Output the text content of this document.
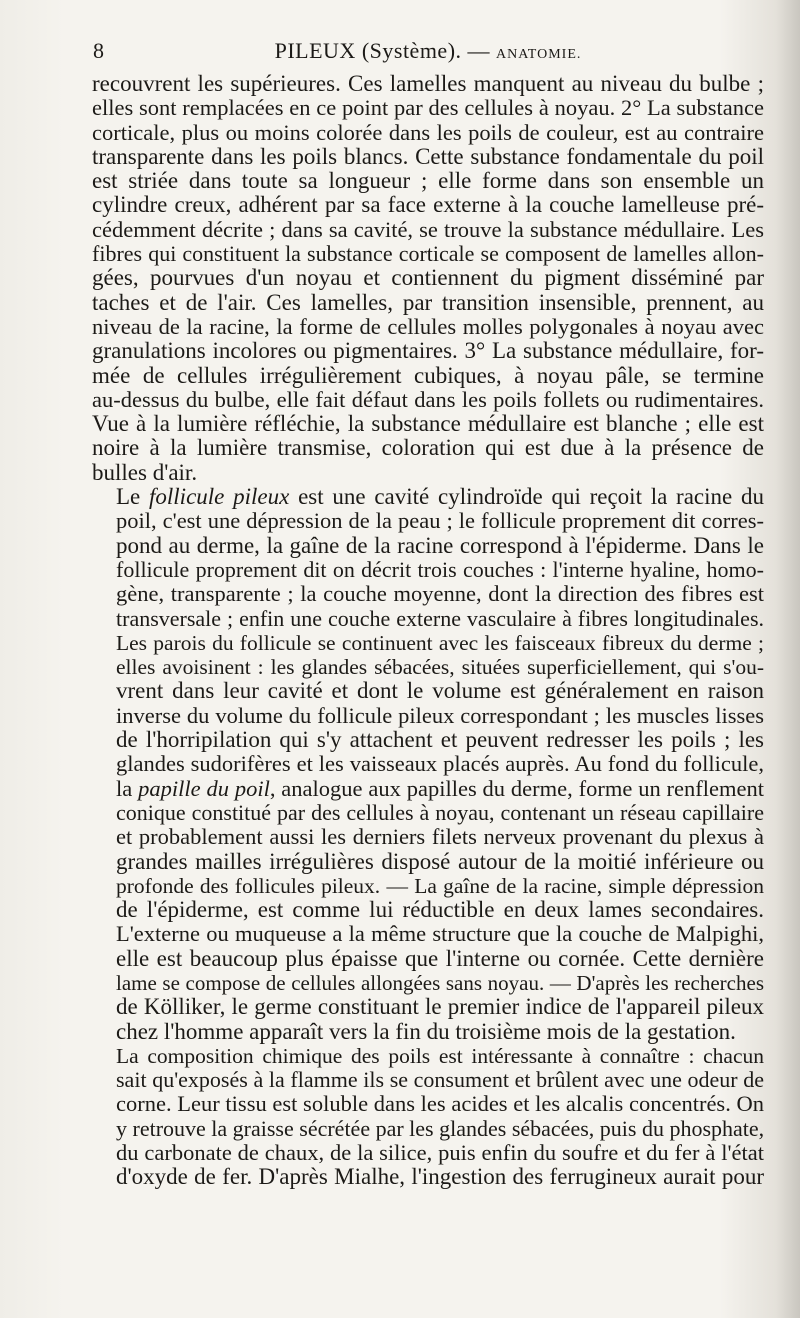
8	PILEUX (Système). — ANATOMIE.

recouvrent les supérieures. Ces lamelles manquent au niveau du bulbe ;
elles sont remplacées en ce point par des cellules à noyau. 2° La substance
corticale, plus ou moins colorée dans les poils de couleur, est au contraire
transparente dans les poils blancs. Cette substance fondamentale du poil
est striée dans toute sa longueur ; elle forme dans son ensemble un
cylindre creux, adhérent par sa face externe à la couche lamelleuse pré-
cédemment décrite ; dans sa cavité, se trouve la substance médullaire. Les
fibres qui constituent la substance corticale se composent de lamelles allon-
gées, pourvues d'un noyau et contiennent du pigment disséminé par
taches et de l'air. Ces lamelles, par transition insensible, prennent, au
niveau de la racine, la forme de cellules molles polygonales à noyau avec
granulations incolores ou pigmentaires. 3° La substance médullaire, for-
mée de cellules irrégulièrement cubiques, à noyau pâle, se termine
au-dessus du bulbe, elle fait défaut dans les poils follets ou rudimentaires.
Vue à la lumière réfléchie, la substance médullaire est blanche ; elle est
noire à la lumière transmise, coloration qui est due à la présence de
bulles d'air.

Le follicule pileux est une cavité cylindroïde qui reçoit la racine du
poil, c'est une dépression de la peau ; le follicule proprement dit corres-
pond au derme, la gaîne de la racine correspond à l'épiderme. Dans le
follicule proprement dit on décrit trois couches : l'interne hyaline, homo-
gène, transparente ; la couche moyenne, dont la direction des fibres est
transversale ; enfin une couche externe vasculaire à fibres longitudinales.
Les parois du follicule se continuent avec les faisceaux fibreux du derme ;
elles avoisinent : les glandes sébacées, situées superficiellement, qui s'ou-
vrent dans leur cavité et dont le volume est généralement en raison
inverse du volume du follicule pileux correspondant ; les muscles lisses
de l'horripilation qui s'y attachent et peuvent redresser les poils ; les
glandes sudorifères et les vaisseaux placés auprès. Au fond du follicule,
la papille du poil, analogue aux papilles du derme, forme un renflement
conique constitué par des cellules à noyau, contenant un réseau capillaire
et probablement aussi les derniers filets nerveux provenant du plexus à
grandes mailles irrégulières disposé autour de la moitié inférieure ou
profonde des follicules pileux. — La gaîne de la racine, simple dépression
de l'épiderme, est comme lui réductible en deux lames secondaires.
L'externe ou muqueuse a la même structure que la couche de Malpighi,
elle est beaucoup plus épaisse que l'interne ou cornée. Cette dernière
lame se compose de cellules allongées sans noyau. — D'après les recherches
de Kölliker, le germe constituant le premier indice de l'appareil pileux
chez l'homme apparaît vers la fin du troisième mois de la gestation.

La composition chimique des poils est intéressante à connaître : chacun
sait qu'exposés à la flamme ils se consument et brûlent avec une odeur de
corne. Leur tissu est soluble dans les acides et les alcalis concentrés. On
y retrouve la graisse sécrétée par les glandes sébacées, puis du phosphate,
du carbonate de chaux, de la silice, puis enfin du soufre et du fer à l'état
d'oxyde de fer. D'après Mialhe, l'ingestion des ferrugineux aurait pour
